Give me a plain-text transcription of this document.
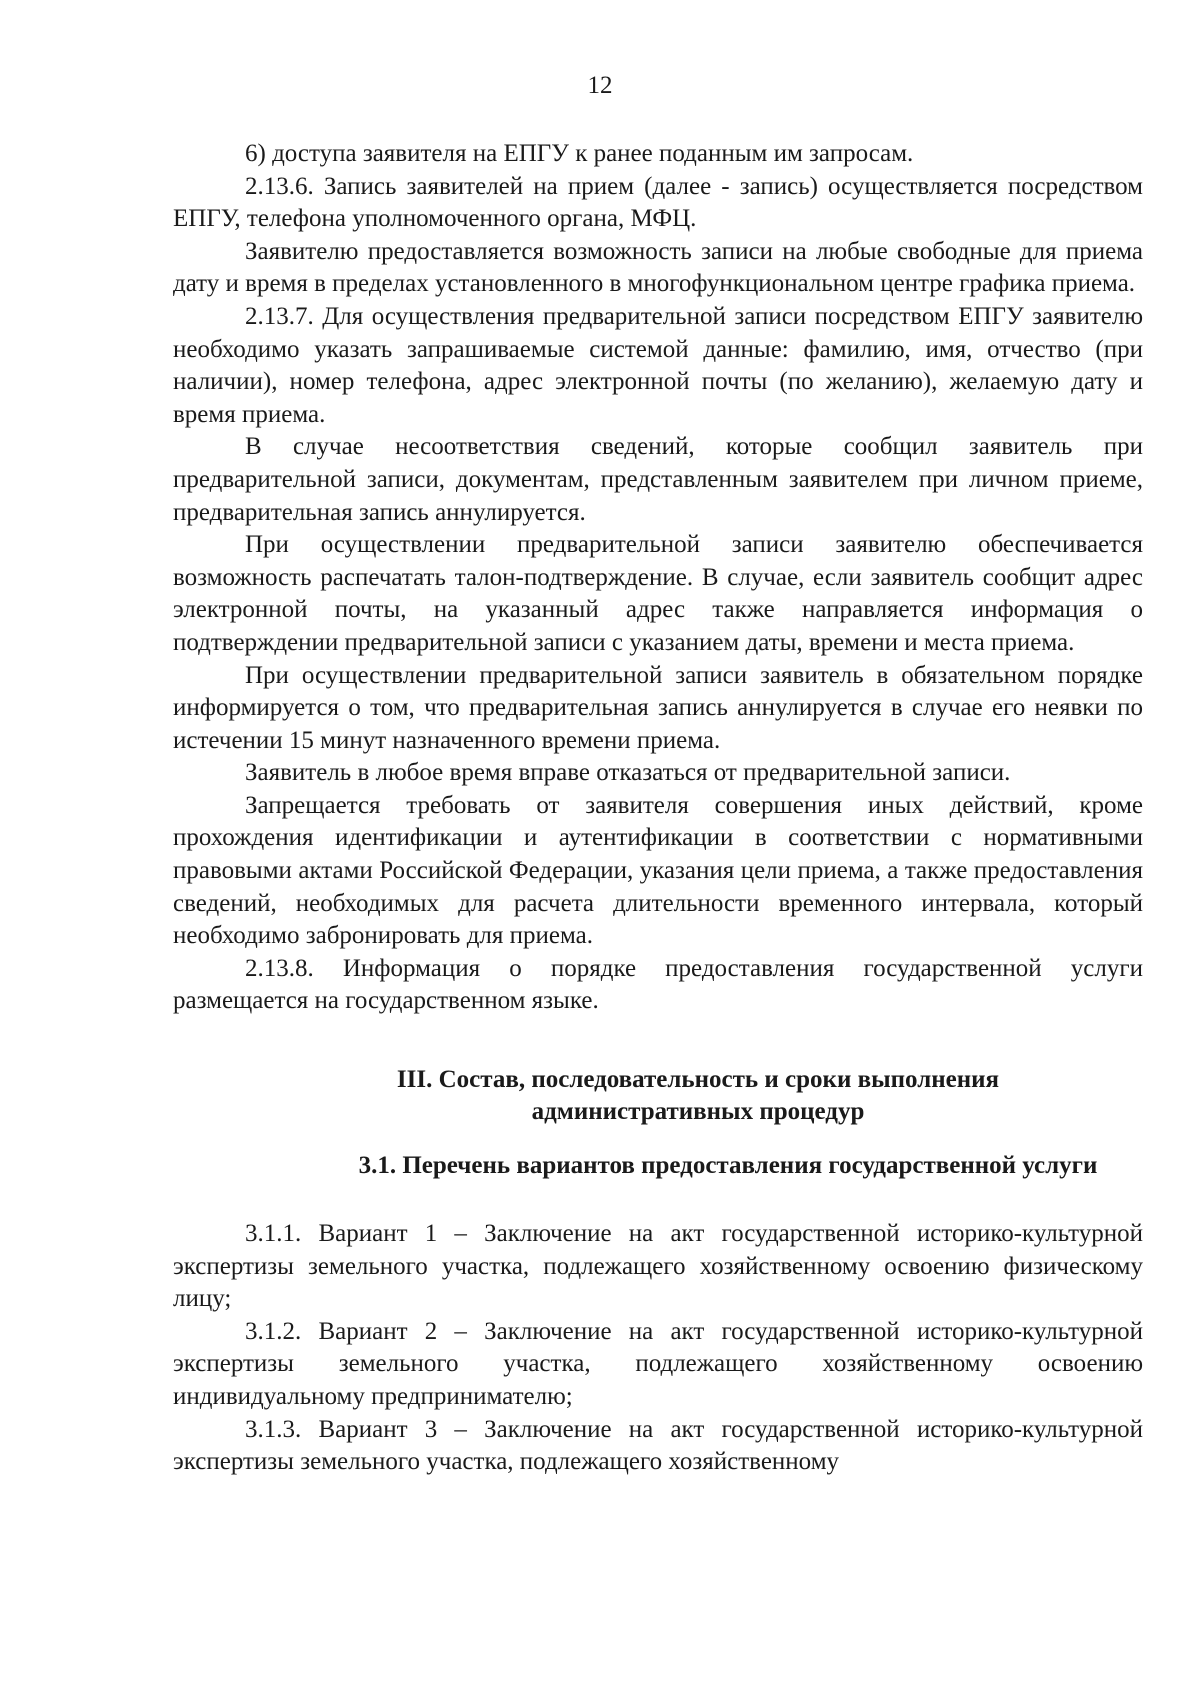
12

6) доступа заявителя на ЕПГУ к ранее поданным им запросам.

2.13.6. Запись заявителей на прием (далее - запись) осуществляется посредством ЕПГУ, телефона уполномоченного органа, МФЦ.

Заявителю предоставляется возможность записи на любые свободные для приема дату и время в пределах установленного в многофункциональном центре графика приема.

2.13.7. Для осуществления предварительной записи посредством ЕПГУ заявителю необходимо указать запрашиваемые системой данные: фамилию, имя, отчество (при наличии), номер телефона, адрес электронной почты (по желанию), желаемую дату и время приема.

В случае несоответствия сведений, которые сообщил заявитель при предварительной записи, документам, представленным заявителем при личном приеме, предварительная запись аннулируется.

При осуществлении предварительной записи заявителю обеспечивается возможность распечатать талон-подтверждение. В случае, если заявитель сообщит адрес электронной почты, на указанный адрес также направляется информация о подтверждении предварительной записи с указанием даты, времени и места приема.

При осуществлении предварительной записи заявитель в обязательном порядке информируется о том, что предварительная запись аннулируется в случае его неявки по истечении 15 минут назначенного времени приема.

Заявитель в любое время вправе отказаться от предварительной записи.

Запрещается требовать от заявителя совершения иных действий, кроме прохождения идентификации и аутентификации в соответствии с нормативными правовыми актами Российской Федерации, указания цели приема, а также предоставления сведений, необходимых для расчета длительности временного интервала, который необходимо забронировать для приема.

2.13.8. Информация о порядке предоставления государственной услуги размещается на государственном языке.

III. Состав, последовательность и сроки выполнения
административных процедур
3.1. Перечень вариантов предоставления государственной услуги

3.1.1. Вариант 1 – Заключение на акт государственной историко-культурной экспертизы земельного участка, подлежащего хозяйственному освоению физическому лицу;

3.1.2. Вариант 2 – Заключение на акт государственной историко-культурной экспертизы земельного участка, подлежащего хозяйственному освоению индивидуальному предпринимателю;

3.1.3. Вариант 3 – Заключение на акт государственной историко-культурной экспертизы земельного участка, подлежащего хозяйственному
